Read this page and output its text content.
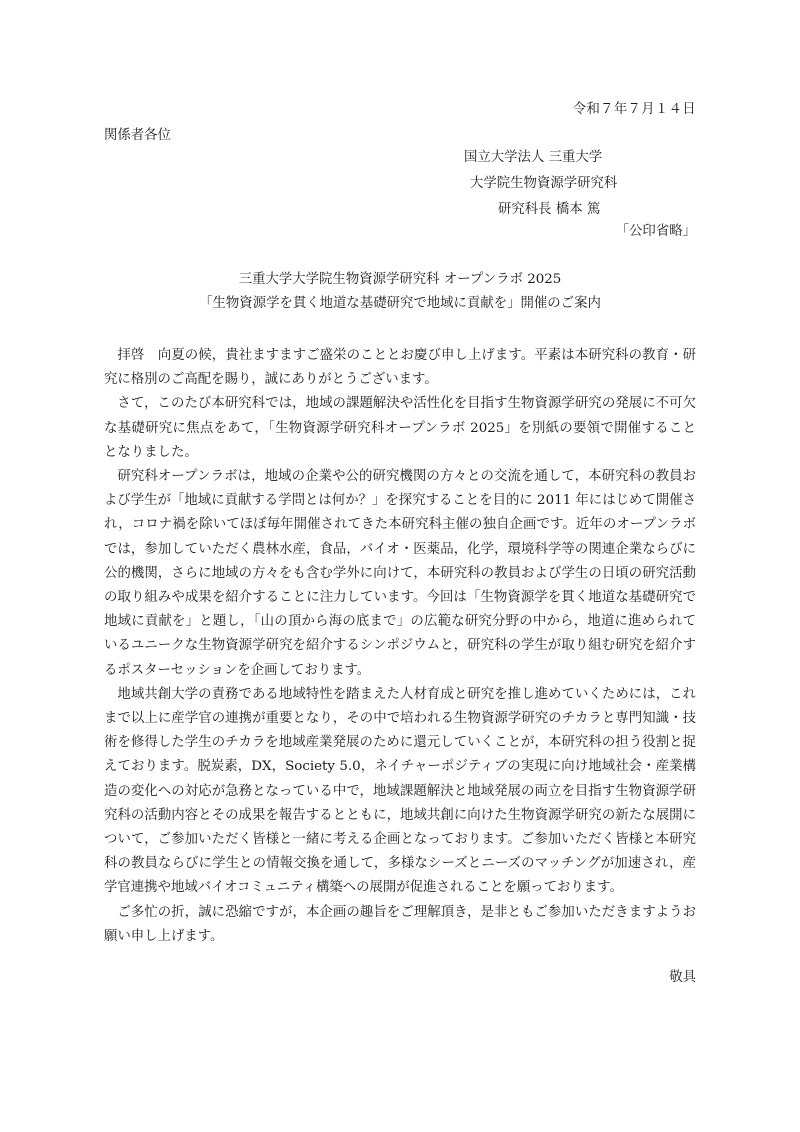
令和７年７月１４日
関係者各位
国立大学法人 三重大学
大学院生物資源学研究科
研究科長 橋本 篤
「公印省略」
三重大学大学院生物資源学研究科 オープンラボ 2025
「生物資源学を貫く地道な基礎研究で地域に貢献を」開催のご案内

拝啓　向夏の候，貴社ますますご盛栄のこととお慶び申し上げます。平素は本研究科の教育・研究に格別のご高配を賜り，誠にありがとうございます。

さて，このたび本研究科では，地域の課題解決や活性化を目指す生物資源学研究の発展に不可欠な基礎研究に焦点をあて，「生物資源学研究科オープンラボ 2025」を別紙の要領で開催することとなりました。

研究科オープンラボは，地域の企業や公的研究機関の方々との交流を通して，本研究科の教員および学生が「地域に貢献する学問とは何か？」を探究することを目的に 2011 年にはじめて開催され，コロナ禍を除いてほぼ毎年開催されてきた本研究科主催の独自企画です。近年のオープンラボでは，参加していただく農林水産，食品，バイオ・医薬品，化学，環境科学等の関連企業ならびに公的機関，さらに地域の方々をも含む学外に向けて，本研究科の教員および学生の日頃の研究活動の取り組みや成果を紹介することに注力しています。今回は「生物資源学を貫く地道な基礎研究で地域に貢献を」と題し，「山の頂から海の底まで」の広範な研究分野の中から，地道に進められているユニークな生物資源学研究を紹介するシンポジウムと，研究科の学生が取り組む研究を紹介するポスターセッションを企画しております。

地域共創大学の責務である地域特性を踏まえた人材育成と研究を推し進めていくためには，これまで以上に産学官の連携が重要となり，その中で培われる生物資源学研究のチカラと専門知識・技術を修得した学生のチカラを地域産業発展のために還元していくことが，本研究科の担う役割と捉えております。脱炭素，DX，Society 5.0，ネイチャーポジティブの実現に向け地域社会・産業構造の変化への対応が急務となっている中で，地域課題解決と地域発展の両立を目指す生物資源学研究科の活動内容とその成果を報告するとともに，地域共創に向けた生物資源学研究の新たな展開について，ご参加いただく皆様と一緒に考える企画となっております。ご参加いただく皆様と本研究科の教員ならびに学生との情報交換を通して，多様なシーズとニーズのマッチングが加速され，産学官連携や地域バイオコミュニティ構築への展開が促進されることを願っております。

ご多忙の折，誠に恐縮ですが，本企画の趣旨をご理解頂き，是非ともご参加いただきますようお願い申し上げます。

敬具
